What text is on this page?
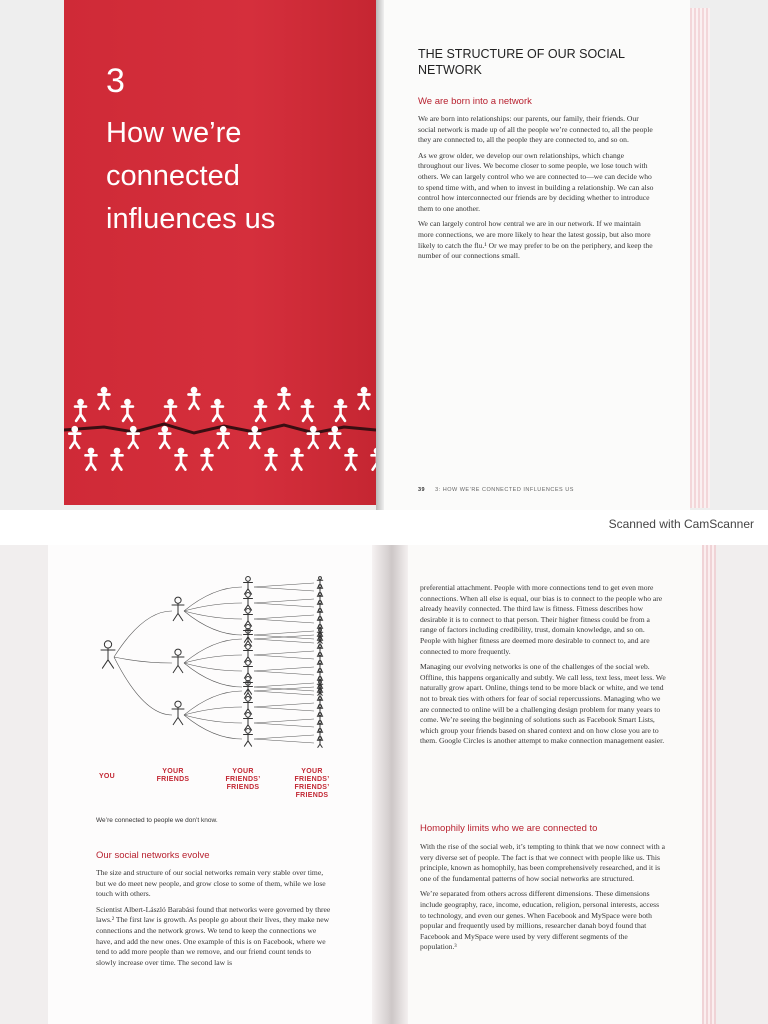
3
How we’re connected influences us
THE STRUCTURE OF OUR SOCIAL NETWORK
We are born into a network

We are born into relationships: our parents, our family, their friends. Our social network is made up of all the people we’re connected to, all the people they are connected to, all the people they are connected to, and so on.

As we grow older, we develop our own relationships, which change throughout our lives. We become closer to some people, we lose touch with others. We can largely control who we are connected to—we can decide who to spend time with, and when to invest in building a relationship. We can also control how interconnected our friends are by deciding whether to introduce them to one another.

We can largely control how central we are in our network. If we maintain more connections, we are more likely to hear the latest gossip, but also more likely to catch the flu.¹ Or we may prefer to be on the periphery, and keep the number of our connections small.

39 3: HOW WE’RE CONNECTED INFLUENCES US
Scanned with CamScanner
YOU
YOUR
FRIENDS
YOUR
FRIENDS’
FRIENDS
YOUR
FRIENDS’
FRIENDS’
FRIENDS
We’re connected to people we don’t know.
Our social networks evolve

The size and structure of our social networks remain very stable over time, but we do meet new people, and grow close to some of them, while we lose touch with others.

Scientist Albert-László Barabási found that networks were governed by three laws.² The first law is growth. As people go about their lives, they make new connections and the network grows. We tend to keep the connections we have, and add the new ones. One example of this is on Facebook, where we tend to add more people than we remove, and our friend count tends to slowly increase over time. The second law is

preferential attachment. People with more connections tend to get even more connections. When all else is equal, our bias is to connect to the people who are already heavily connected. The third law is fitness. Fitness describes how desirable it is to connect to that person. Their higher fitness could be from a range of factors including credibility, trust, domain knowledge, and so on. People with higher fitness are deemed more desirable to connect to, and are connected to more frequently.

Managing our evolving networks is one of the challenges of the social web. Offline, this happens organically and subtly. We call less, text less, meet less. We naturally grow apart. Online, things tend to be more black or white, and we tend not to break ties with others for fear of social repercussions. Managing who we are connected to online will be a challenging design problem for many years to come. We’re seeing the beginning of solutions such as Facebook Smart Lists, which group your friends based on shared context and on how close you are to them. Google Circles is another attempt to make connection management easier.

Homophily limits who we are connected to

With the rise of the social web, it’s tempting to think that we now connect with a very diverse set of people. The fact is that we connect with people like us. This principle, known as homophily, has been comprehensively researched, and it is one of the fundamental patterns of how social networks are structured.

We’re separated from others across different dimensions. These dimensions include geography, race, income, education, religion, personal interests, access to technology, and even our genes. When Facebook and MySpace were both popular and frequently used by millions, researcher danah boyd found that Facebook and MySpace were used by very different segments of the population.³
